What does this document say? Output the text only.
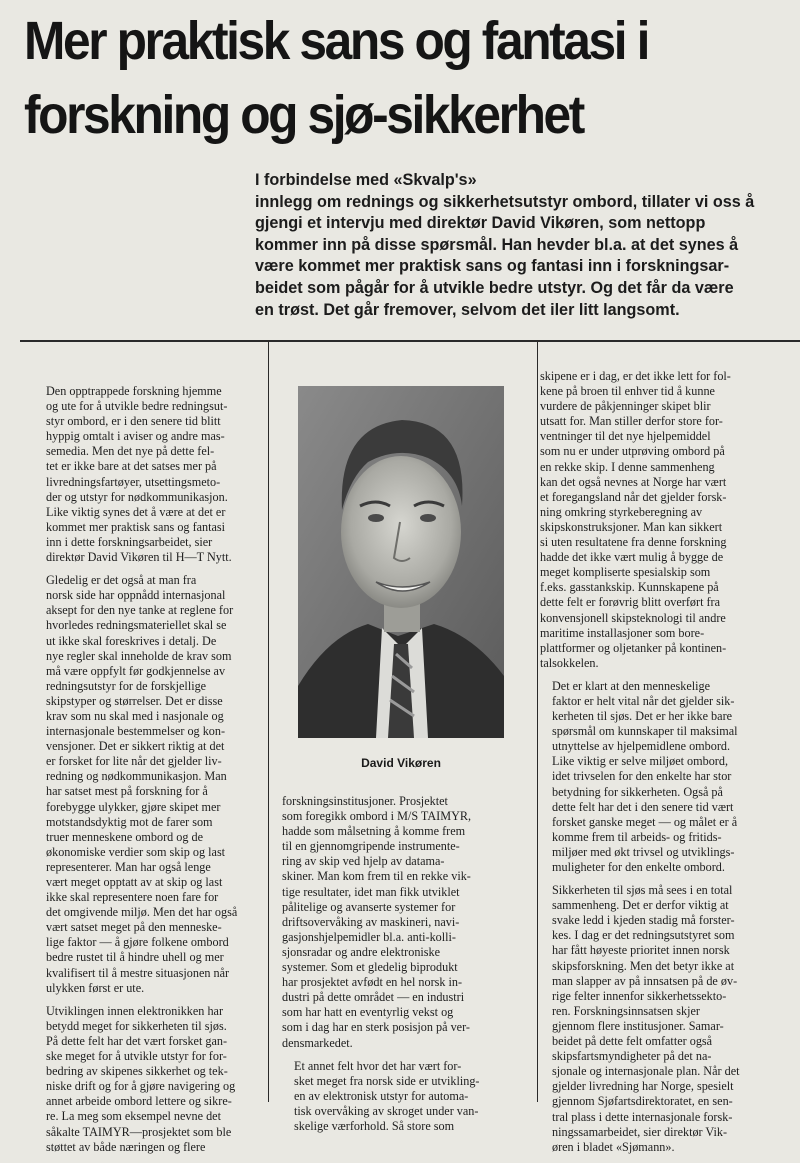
Mer praktisk sans og fantasi i
forskning og sjø-sikkerhet
I forbindelse med «Skvalp's»
innlegg om rednings og sikkerhetsutstyr ombord, tillater vi oss å
gjengi et intervju med direktør David Vikøren, som nettopp
kommer inn på disse spørsmål. Han hevder bl.a. at det synes å
være kommet mer praktisk sans og fantasi inn i forskningsar-
beidet som pågår for å utvikle bedre utstyr. Og det får da være
en trøst. Det går fremover, selvom det iler litt langsomt.
David Vikøren

Den opptrappede forskning hjemme
og ute for å utvikle bedre redningsut-
styr ombord, er i den senere tid blitt
hyppig omtalt i aviser og andre mas-
semedia. Men det nye på dette fel-
tet er ikke bare at det satses mer på
livredningsfartøyer, utsettingsmeto-
der og utstyr for nødkommunikasjon.
Like viktig synes det å være at det er
kommet mer praktisk sans og fantasi
inn i dette forskningsarbeidet, sier
direktør David Vikøren til H—T Nytt.

Gledelig er det også at man fra
norsk side har oppnådd internasjonal
aksept for den nye tanke at reglene for
hvorledes redningsmateriellet skal se
ut ikke skal foreskrives i detalj. De
nye regler skal inneholde de krav som
må være oppfylt før godkjennelse av
redningsutstyr for de forskjellige
skipstyper og størrelser. Det er disse
krav som nu skal med i nasjonale og
internasjonale bestemmelser og kon-
vensjoner. Det er sikkert riktig at det
er forsket for lite når det gjelder liv-
redning og nødkommunikasjon. Man
har satset mest på forskning for å
forebygge ulykker, gjøre skipet mer
motstandsdyktig mot de farer som
truer menneskene ombord og de
økonomiske verdier som skip og last
representerer. Man har også lenge
vært meget opptatt av at skip og last
ikke skal representere noen fare for
det omgivende miljø. Men det har også
vært satset meget på den menneske-
lige faktor — å gjøre folkene ombord
bedre rustet til å hindre uhell og mer
kvalifisert til å mestre situasjonen når
ulykken først er ute.

Utviklingen innen elektronikken har
betydd meget for sikkerheten til sjøs.
På dette felt har det vært forsket gan-
ske meget for å utvikle utstyr for for-
bedring av skipenes sikkerhet og tek-
niske drift og for å gjøre navigering og
annet arbeide ombord lettere og sikre-
re. La meg som eksempel nevne det
såkalte TAIMYR—prosjektet som ble
støttet av både næringen og flere

forskningsinstitusjoner. Prosjektet
som foregikk ombord i M/S TAIMYR,
hadde som målsetning å komme frem
til en gjennomgripende instrumente-
ring av skip ved hjelp av datama-
skiner. Man kom frem til en rekke vik-
tige resultater, idet man fikk utviklet
pålitelige og avanserte systemer for
driftsovervåking av maskineri, navi-
gasjonshjelpemidler bl.a. anti-kolli-
sjonsradar og andre elektroniske
systemer. Som et gledelig biprodukt
har prosjektet avfødt en hel norsk in-
dustri på dette området — en industri
som har hatt en eventyrlig vekst og
som i dag har en sterk posisjon på ver-
densmarkedet.

Et annet felt hvor det har vært for-
sket meget fra norsk side er utvikling-
en av elektronisk utstyr for automa-
tisk overvåking av skroget under van-
skelige værforhold. Så store som

skipene er i dag, er det ikke lett for fol-
kene på broen til enhver tid å kunne
vurdere de påkjenninger skipet blir
utsatt for. Man stiller derfor store for-
ventninger til det nye hjelpemiddel
som nu er under utprøving ombord på
en rekke skip. I denne sammenheng
kan det også nevnes at Norge har vært
et foregangsland når det gjelder forsk-
ning omkring styrkeberegning av
skipskonstruksjoner. Man kan sikkert
si uten resultatene fra denne forskning
hadde det ikke vært mulig å bygge de
meget kompliserte spesialskip som
f.eks. gasstankskip. Kunnskapene på
dette felt er forøvrig blitt overført fra
konvensjonell skipsteknologi til andre
maritime installasjoner som bore-
plattformer og oljetanker på kontinen-
talsokkelen.

Det er klart at den menneskelige
faktor er helt vital når det gjelder sik-
kerheten til sjøs. Det er her ikke bare
spørsmål om kunnskaper til maksimal
utnyttelse av hjelpemidlene ombord.
Like viktig er selve miljøet ombord,
idet trivselen for den enkelte har stor
betydning for sikkerheten. Også på
dette felt har det i den senere tid vært
forsket ganske meget — og målet er å
komme frem til arbeids- og fritids-
miljøer med økt trivsel og utviklings-
muligheter for den enkelte ombord.

Sikkerheten til sjøs må sees i en total
sammenheng. Det er derfor viktig at
svake ledd i kjeden stadig må forster-
kes. I dag er det redningsutstyret som
har fått høyeste prioritet innen norsk
skipsforskning. Men det betyr ikke at
man slapper av på innsatsen på de øv-
rige felter innenfor sikkerhetssekto-
ren. Forskningsinnsatsen skjer
gjennom flere institusjoner. Samar-
beidet på dette felt omfatter også
skipsfartsmyndigheter på det na-
sjonale og internasjonale plan. Når det
gjelder livredning har Norge, spesielt
gjennom Sjøfartsdirektoratet, en sen-
tral plass i dette internasjonale forsk-
ningssamarbeidet, sier direktør Vik-
øren i bladet «Sjømann».
